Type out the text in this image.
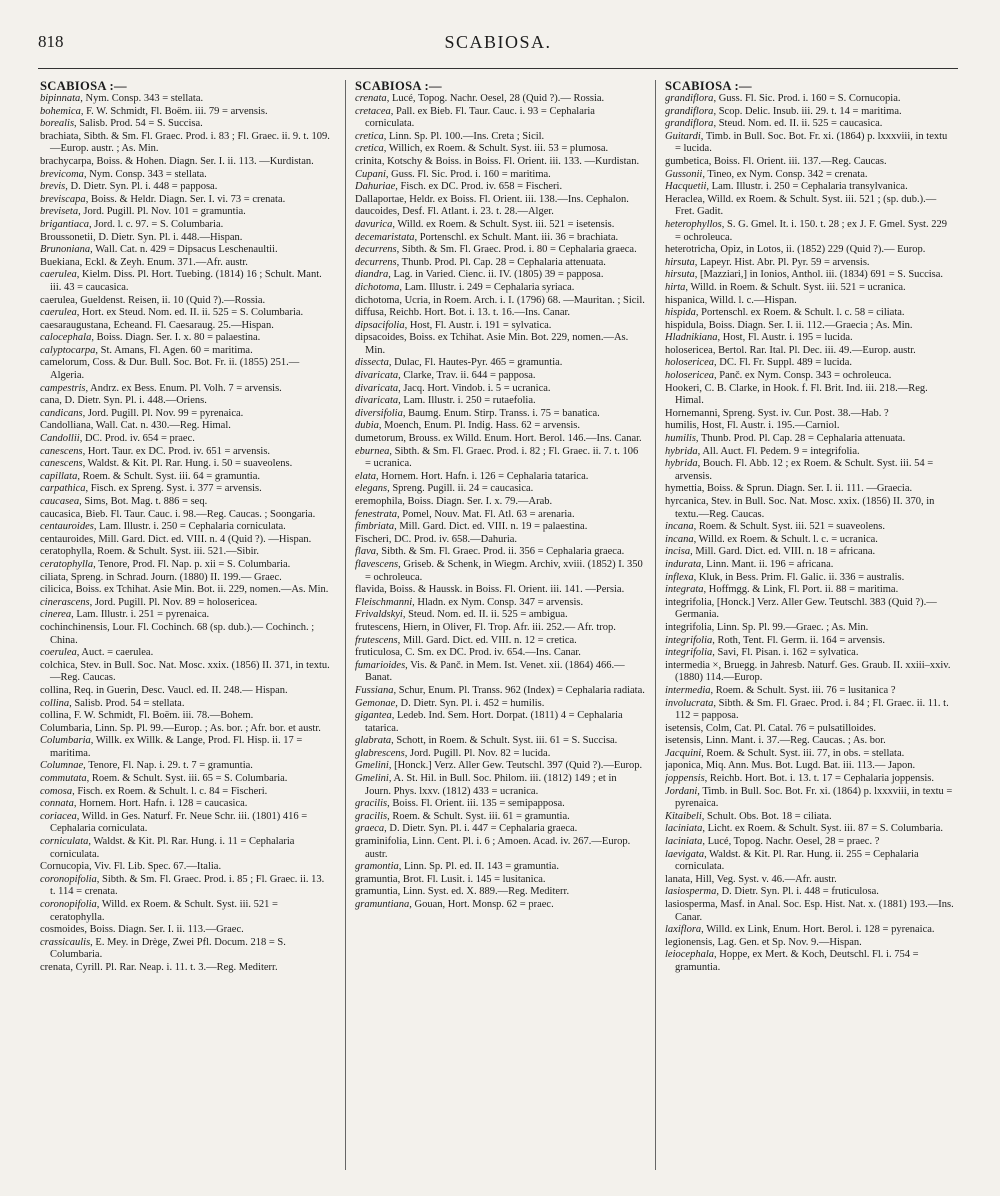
818	SCABIOSA.
SCABIOSA :—
bipinnata, Nym. Consp. 343 = stellata.
bohemica, F. W. Schmidt, Fl. Boëm. iii. 79 = arvensis.
borealis, Salisb. Prod. 54 = S. Succisa.
brachiata, Sibth. & Sm. Fl. Graec. Prod. i. 83 ; Fl. Graec. ii. 9. t. 109.—Europ. austr. ; As. Min.
brachycarpa, Boiss. & Hohen. Diagn. Ser. I. ii. 113. —Kurdistan.
brevicoma, Nym. Consp. 343 = stellata.
brevis, D. Dietr. Syn. Pl. i. 448 = papposa.
breviscapa, Boiss. & Heldr. Diagn. Ser. I. vi. 73 = crenata.
breviseta, Jord. Pugill. Pl. Nov. 101 = gramuntia.
brigantiaca, Jord. l. c. 97. = S. Columbaria.
Broussonetii, D. Dietr. Syn. Pl. i. 448.—Hispan.
Brunoniana, Wall. Cat. n. 429 = Dipsacus Leschenaultii.
Buekiana, Eckl. & Zeyh. Enum. 371.—Afr. austr.
caerulea, Kielm. Diss. Pl. Hort. Tuebing. (1814) 16 ; Schult. Mant. iii. 43 = caucasica.
caerulea, Gueldenst. Reisen, ii. 10 (Quid ?).—Rossia.
caerulea, Hort. ex Steud. Nom. ed. II. ii. 525 = S. Columbaria.
caesaraugustana, Echeand. Fl. Caesaraug. 25.—Hispan.
calocephala, Boiss. Diagn. Ser. I. x. 80 = palaestina.
calyptocarpa, St. Amans, Fl. Agen. 60 = maritima.
camelorum, Coss. & Dur. Bull. Soc. Bot. Fr. ii. (1855) 251.—Algeria.
campestris, Andrz. ex Bess. Enum. Pl. Volh. 7 = arvensis.
cana, D. Dietr. Syn. Pl. i. 448.—Oriens.
candicans, Jord. Pugill. Pl. Nov. 99 = pyrenaica.
Candolliana, Wall. Cat. n. 430.—Reg. Himal.
Candollii, DC. Prod. iv. 654 = praec.
canescens, Hort. Taur. ex DC. Prod. iv. 651 = arvensis.
canescens, Waldst. & Kit. Pl. Rar. Hung. i. 50 = suaveolens.
capillata, Roem. & Schult. Syst. iii. 64 = gramuntia.
carpathica, Fisch. ex Spreng. Syst. i. 377 = arvensis.
caucasea, Sims, Bot. Mag. t. 886 = seq.
caucasica, Bieb. Fl. Taur. Cauc. i. 98.—Reg. Caucas. ; Soongaria.
centauroides, Lam. Illustr. i. 250 = Cephalaria corniculata.
centauroides, Mill. Gard. Dict. ed. VIII. n. 4 (Quid ?). —Hispan.
ceratophylla, Roem. & Schult. Syst. iii. 521.—Sibir.
ceratophylla, Tenore, Prod. Fl. Nap. p. xii = S. Columbaria.
ciliata, Spreng. in Schrad. Journ. (1880) II. 199.— Graec.
cilicica, Boiss. ex Tchihat. Asie Min. Bot. ii. 229, nomen.—As. Min.
cinerascens, Jord. Pugill. Pl. Nov. 89 = holosericea.
cinerea, Lam. Illustr. i. 251 = pyrenaica.
cochinchinensis, Lour. Fl. Cochinch. 68 (sp. dub.).— Cochinch. ; China.
coerulea, Auct. = caerulea.
colchica, Stev. in Bull. Soc. Nat. Mosc. xxix. (1856) II. 371, in textu.—Reg. Caucas.
collina, Req. in Guerin, Desc. Vaucl. ed. II. 248.— Hispan.
collina, Salisb. Prod. 54 = stellata.
collina, F. W. Schmidt, Fl. Boëm. iii. 78.—Bohem.
Columbaria, Linn. Sp. Pl. 99.—Europ. ; As. bor. ; Afr. bor. et austr.
Columbaria, Willk. ex Willk. & Lange, Prod. Fl. Hisp. ii. 17 = maritima.
Columnae, Tenore, Fl. Nap. i. 29. t. 7 = gramuntia.
commutata, Roem. & Schult. Syst. iii. 65 = S. Columbaria.
comosa, Fisch. ex Roem. & Schult. l. c. 84 = Fischeri.
connata, Hornem. Hort. Hafn. i. 128 = caucasica.
coriacea, Willd. in Ges. Naturf. Fr. Neue Schr. iii. (1801) 416 = Cephalaria corniculata.
corniculata, Waldst. & Kit. Pl. Rar. Hung. i. 11 = Cephalaria corniculata.
Cornucopia, Viv. Fl. Lib. Spec. 67.—Italia.
coronopifolia, Sibth. & Sm. Fl. Graec. Prod. i. 85 ; Fl. Graec. ii. 13. t. 114 = crenata.
coronopifolia, Willd. ex Roem. & Schult. Syst. iii. 521 = ceratophylla.
cosmoides, Boiss. Diagn. Ser. I. ii. 113.—Graec.
crassicaulis, E. Mey. in Drège, Zwei Pfl. Docum. 218 = S. Columbaria.
crenata, Cyrill. Pl. Rar. Neap. i. 11. t. 3.—Reg. Mediterr.
SCABIOSA :—
crenata, Lucé, Topog. Nachr. Oesel, 28 (Quid ?).— Rossia.
cretacea, Pall. ex Bieb. Fl. Taur. Cauc. i. 93 = Cephalaria corniculata.
cretica, Linn. Sp. Pl. 100.—Ins. Creta ; Sicil.
cretica, Willich, ex Roem. & Schult. Syst. iii. 53 = plumosa.
crinita, Kotschy & Boiss. in Boiss. Fl. Orient. iii. 133. —Kurdistan.
Cupani, Guss. Fl. Sic. Prod. i. 160 = maritima.
Dahuriae, Fisch. ex DC. Prod. iv. 658 = Fischeri.
Dallaportae, Heldr. ex Boiss. Fl. Orient. iii. 138.—Ins. Cephalon.
daucoides, Desf. Fl. Atlant. i. 23. t. 28.—Alger.
davurica, Willd. ex Roem. & Schult. Syst. iii. 521 = isetensis.
decemaristata, Portenschl. ex Schult. Mant. iii. 36 = brachiata.
decurrens, Sibth. & Sm. Fl. Graec. Prod. i. 80 = Cephalaria graeca.
decurrens, Thunb. Prod. Pl. Cap. 28 = Cephalaria attenuata.
diandra, Lag. in Varied. Cienc. ii. IV. (1805) 39 = papposa.
dichotoma, Lam. Illustr. i. 249 = Cephalaria syriaca.
dichotoma, Ucria, in Roem. Arch. i. I. (1796) 68. —Mauritan. ; Sicil.
diffusa, Reichb. Hort. Bot. i. 13. t. 16.—Ins. Canar.
dipsacifolia, Host, Fl. Austr. i. 191 = sylvatica.
dipsacoides, Boiss. ex Tchihat. Asie Min. Bot. 229, nomen.—As. Min.
dissecta, Dulac, Fl. Hautes-Pyr. 465 = gramuntia.
divaricata, Clarke, Trav. ii. 644 = papposa.
divaricata, Jacq. Hort. Vindob. i. 5 = ucranica.
divaricata, Lam. Illustr. i. 250 = rutaefolia.
diversifolia, Baumg. Enum. Stirp. Transs. i. 75 = banatica.
dubia, Moench, Enum. Pl. Indig. Hass. 62 = arvensis.
dumetorum, Brouss. ex Willd. Enum. Hort. Berol. 146.—Ins. Canar.
eburnea, Sibth. & Sm. Fl. Graec. Prod. i. 82 ; Fl. Graec. ii. 7. t. 106 = ucranica.
elata, Hornem. Hort. Hafn. i. 126 = Cephalaria tatarica.
elegans, Spreng. Pugill. ii. 24 = caucasica.
eremophila, Boiss. Diagn. Ser. I. x. 79.—Arab.
fenestrata, Pomel, Nouv. Mat. Fl. Atl. 63 = arenaria.
fimbriata, Mill. Gard. Dict. ed. VIII. n. 19 = palaestina.
Fischeri, DC. Prod. iv. 658.—Dahuria.
flava, Sibth. & Sm. Fl. Graec. Prod. ii. 356 = Cephalaria graeca.
flavescens, Griseb. & Schenk, in Wiegm. Archiv, xviii. (1852) I. 350 = ochroleuca.
flavida, Boiss. & Haussk. in Boiss. Fl. Orient. iii. 141. —Persia.
Fleischmanni, Hladn. ex Nym. Consp. 347 = arvensis.
Frivaldskyi, Steud. Nom. ed. II. ii. 525 = ambigua.
frutescens, Hiern, in Oliver, Fl. Trop. Afr. iii. 252.— Afr. trop.
frutescens, Mill. Gard. Dict. ed. VIII. n. 12 = cretica.
fruticulosa, C. Sm. ex DC. Prod. iv. 654.—Ins. Canar.
fumarioides, Vis. & Panč. in Mem. Ist. Venet. xii. (1864) 466.—Banat.
Fussiana, Schur, Enum. Pl. Transs. 962 (Index) = Cephalaria radiata.
Gemonae, D. Dietr. Syn. Pl. i. 452 = humilis.
gigantea, Ledeb. Ind. Sem. Hort. Dorpat. (1811) 4 = Cephalaria tatarica.
glabrata, Schott, in Roem. & Schult. Syst. iii. 61 = S. Succisa.
glabrescens, Jord. Pugill. Pl. Nov. 82 = lucida.
Gmelini, [Honck.] Verz. Aller Gew. Teutschl. 397 (Quid ?).—Europ.
Gmelini, A. St. Hil. in Bull. Soc. Philom. iii. (1812) 149 ; et in Journ. Phys. lxxv. (1812) 433 = ucranica.
gracilis, Boiss. Fl. Orient. iii. 135 = semipapposa.
gracilis, Roem. & Schult. Syst. iii. 61 = gramuntia.
graeca, D. Dietr. Syn. Pl. i. 447 = Cephalaria graeca.
graminifolia, Linn. Cent. Pl. i. 6 ; Amoen. Acad. iv. 267.—Europ. austr.
gramontia, Linn. Sp. Pl. ed. II. 143 = gramuntia.
gramuntia, Brot. Fl. Lusit. i. 145 = lusitanica.
gramuntia, Linn. Syst. ed. X. 889.—Reg. Mediterr.
gramuntiana, Gouan, Hort. Monsp. 62 = praec.
SCABIOSA :—
grandiflora, Guss. Fl. Sic. Prod. i. 160 = S. Cornucopia.
grandiflora, Scop. Delic. Insub. iii. 29. t. 14 = maritima.
grandiflora, Steud. Nom. ed. II. ii. 525 = caucasica.
Guitardi, Timb. in Bull. Soc. Bot. Fr. xi. (1864) p. lxxxviii, in textu = lucida.
gumbetica, Boiss. Fl. Orient. iii. 137.—Reg. Caucas.
Gussonii, Tineo, ex Nym. Consp. 342 = crenata.
Hacquetii, Lam. Illustr. i. 250 = Cephalaria transylvanica.
Heraclea, Willd. ex Roem. & Schult. Syst. iii. 521 ; (sp. dub.).—Fret. Gadit.
heterophyllos, S. G. Gmel. It. i. 150. t. 28 ; ex J. F. Gmel. Syst. 229 = ochroleuca.
heterotricha, Opiz, in Lotos, ii. (1852) 229 (Quid ?).— Europ.
hirsuta, Lapeyr. Hist. Abr. Pl. Pyr. 59 = arvensis.
hirsuta, [Mazziari,] in Ionios, Anthol. iii. (1834) 691 = S. Succisa.
hirta, Willd. in Roem. & Schult. Syst. iii. 521 = ucranica.
hispanica, Willd. l. c.—Hispan.
hispida, Portenschl. ex Roem. & Schult. l. c. 58 = ciliata.
hispidula, Boiss. Diagn. Ser. I. ii. 112.—Graecia ; As. Min.
Hladnikiana, Host, Fl. Austr. i. 195 = lucida.
holosericea, Bertol. Rar. Ital. Pl. Dec. iii. 49.—Europ. austr.
holosericea, DC. Fl. Fr. Suppl. 489 = lucida.
holosericea, Panč. ex Nym. Consp. 343 = ochroleuca.
Hookeri, C. B. Clarke, in Hook. f. Fl. Brit. Ind. iii. 218.—Reg. Himal.
Hornemanni, Spreng. Syst. iv. Cur. Post. 38.—Hab. ?
humilis, Host, Fl. Austr. i. 195.—Carniol.
humilis, Thunb. Prod. Pl. Cap. 28 = Cephalaria attenuata.
hybrida, All. Auct. Fl. Pedem. 9 = integrifolia.
hybrida, Bouch. Fl. Abb. 12 ; ex Roem. & Schult. Syst. iii. 54 = arvensis.
hymettia, Boiss. & Sprun. Diagn. Ser. I. ii. 111. —Graecia.
hyrcanica, Stev. in Bull. Soc. Nat. Mosc. xxix. (1856) II. 370, in textu.—Reg. Caucas.
incana, Roem. & Schult. Syst. iii. 521 = suaveolens.
incana, Willd. ex Roem. & Schult. l. c. = ucranica.
incisa, Mill. Gard. Dict. ed. VIII. n. 18 = africana.
indurata, Linn. Mant. ii. 196 = africana.
inflexa, Kluk, in Bess. Prim. Fl. Galic. ii. 336 = australis.
integrata, Hoffmgg. & Link, Fl. Port. ii. 88 = maritima.
integrifolia, [Honck.] Verz. Aller Gew. Teutschl. 383 (Quid ?).—Germania.
integrifolia, Linn. Sp. Pl. 99.—Graec. ; As. Min.
integrifolia, Roth, Tent. Fl. Germ. ii. 164 = arvensis.
integrifolia, Savi, Fl. Pisan. i. 162 = sylvatica.
intermedia ×, Bruegg. in Jahresb. Naturf. Ges. Graub. II. xxiii–xxiv. (1880) 114.—Europ.
intermedia, Roem. & Schult. Syst. iii. 76 = lusitanica ?
involucrata, Sibth. & Sm. Fl. Graec. Prod. i. 84 ; Fl. Graec. ii. 11. t. 112 = papposa.
isetensis, Colm, Cat. Pl. Catal. 76 = pulsatilloides.
isetensis, Linn. Mant. i. 37.—Reg. Caucas. ; As. bor.
Jacquini, Roem. & Schult. Syst. iii. 77, in obs. = stellata.
japonica, Miq. Ann. Mus. Bot. Lugd. Bat. iii. 113.— Japon.
joppensis, Reichb. Hort. Bot. i. 13. t. 17 = Cephalaria joppensis.
Jordani, Timb. in Bull. Soc. Bot. Fr. xi. (1864) p. lxxxviii, in textu = pyrenaica.
Kitaibeli, Schult. Obs. Bot. 18 = ciliata.
laciniata, Licht. ex Roem. & Schult. Syst. iii. 87 = S. Columbaria.
laciniata, Lucé, Topog. Nachr. Oesel, 28 = praec. ?
laevigata, Waldst. & Kit. Pl. Rar. Hung. ii. 255 = Cephalaria corniculata.
lanata, Hill, Veg. Syst. v. 46.—Afr. austr.
lasiosperma, D. Dietr. Syn. Pl. i. 448 = fruticulosa.
lasiosperma, Masf. in Anal. Soc. Esp. Hist. Nat. x. (1881) 193.—Ins. Canar.
laxiflora, Willd. ex Link, Enum. Hort. Berol. i. 128 = pyrenaica.
legionensis, Lag. Gen. et Sp. Nov. 9.—Hispan.
leiocephala, Hoppe, ex Mert. & Koch, Deutschl. Fl. i. 754 = gramuntia.
